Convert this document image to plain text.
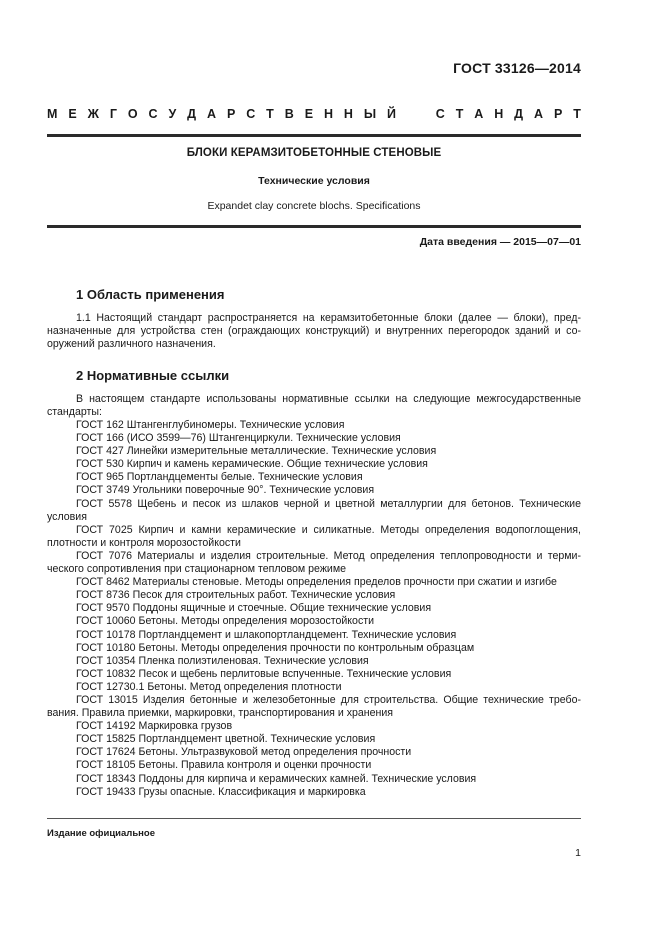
ГОСТ 33126—2014
М Е Ж Г О С У Д А Р С Т В Е Н Н Ы Й

	С Т А Н Д А Р Т
БЛОКИ КЕРАМЗИТОБЕТОННЫЕ СТЕНОВЫЕ
Технические условия
Expandet clay concrete blochs. Specifications
Дата введения — 2015—07—01
1 Область применения
1.1 Настоящий стандарт распространяется на керамзитобетонные блоки (далее — блоки), пред-назначенные для устройства стен (ограждающих конструкций) и внутренних перегородок зданий и со-оружений различного назначения.
2 Нормативные ссылки
В настоящем стандарте использованы нормативные ссылки на следующие межгосударственные стандарты:
ГОСТ 162 Штангенглубиномеры. Технические условия
ГОСТ 166 (ИСО 3599—76) Штангенциркули. Технические условия
ГОСТ 427 Линейки измерительные металлические. Технические условия
ГОСТ 530 Кирпич и камень керамические. Общие технические условия
ГОСТ 965 Портландцементы белые. Технические условия
ГОСТ 3749 Угольники поверочные 90°. Технические условия
ГОСТ 5578 Щебень и песок из шлаков черной и цветной металлургии для бетонов. Технические условия
ГОСТ 7025 Кирпич и камни керамические и силикатные. Методы определения водопоглощения, плотности и контроля морозостойкости
ГОСТ 7076 Материалы и изделия строительные. Метод определения теплопроводности и терми-ческого сопротивления при стационарном тепловом режиме
ГОСТ 8462 Материалы стеновые. Методы определения пределов прочности при сжатии и изгибе
ГОСТ 8736 Песок для строительных работ. Технические условия
ГОСТ 9570 Поддоны ящичные и стоечные. Общие технические условия
ГОСТ 10060 Бетоны. Методы определения морозостойкости
ГОСТ 10178 Портландцемент и шлакопортландцемент. Технические условия
ГОСТ 10180 Бетоны. Методы определения прочности по контрольным образцам
ГОСТ 10354 Пленка полиэтиленовая. Технические условия
ГОСТ 10832 Песок и щебень перлитовые вспученные. Технические условия
ГОСТ 12730.1 Бетоны. Метод определения плотности
ГОСТ 13015 Изделия бетонные и железобетонные для строительства. Общие технические требо-вания. Правила приемки, маркировки, транспортирования и хранения
ГОСТ 14192 Маркировка грузов
ГОСТ 15825 Портландцемент цветной. Технические условия
ГОСТ 17624 Бетоны. Ультразвуковой метод определения прочности
ГОСТ 18105 Бетоны. Правила контроля и оценки прочности
ГОСТ 18343 Поддоны для кирпича и керамических камней. Технические условия
ГОСТ 19433 Грузы опасные. Классификация и маркировка
Издание официальное
1
